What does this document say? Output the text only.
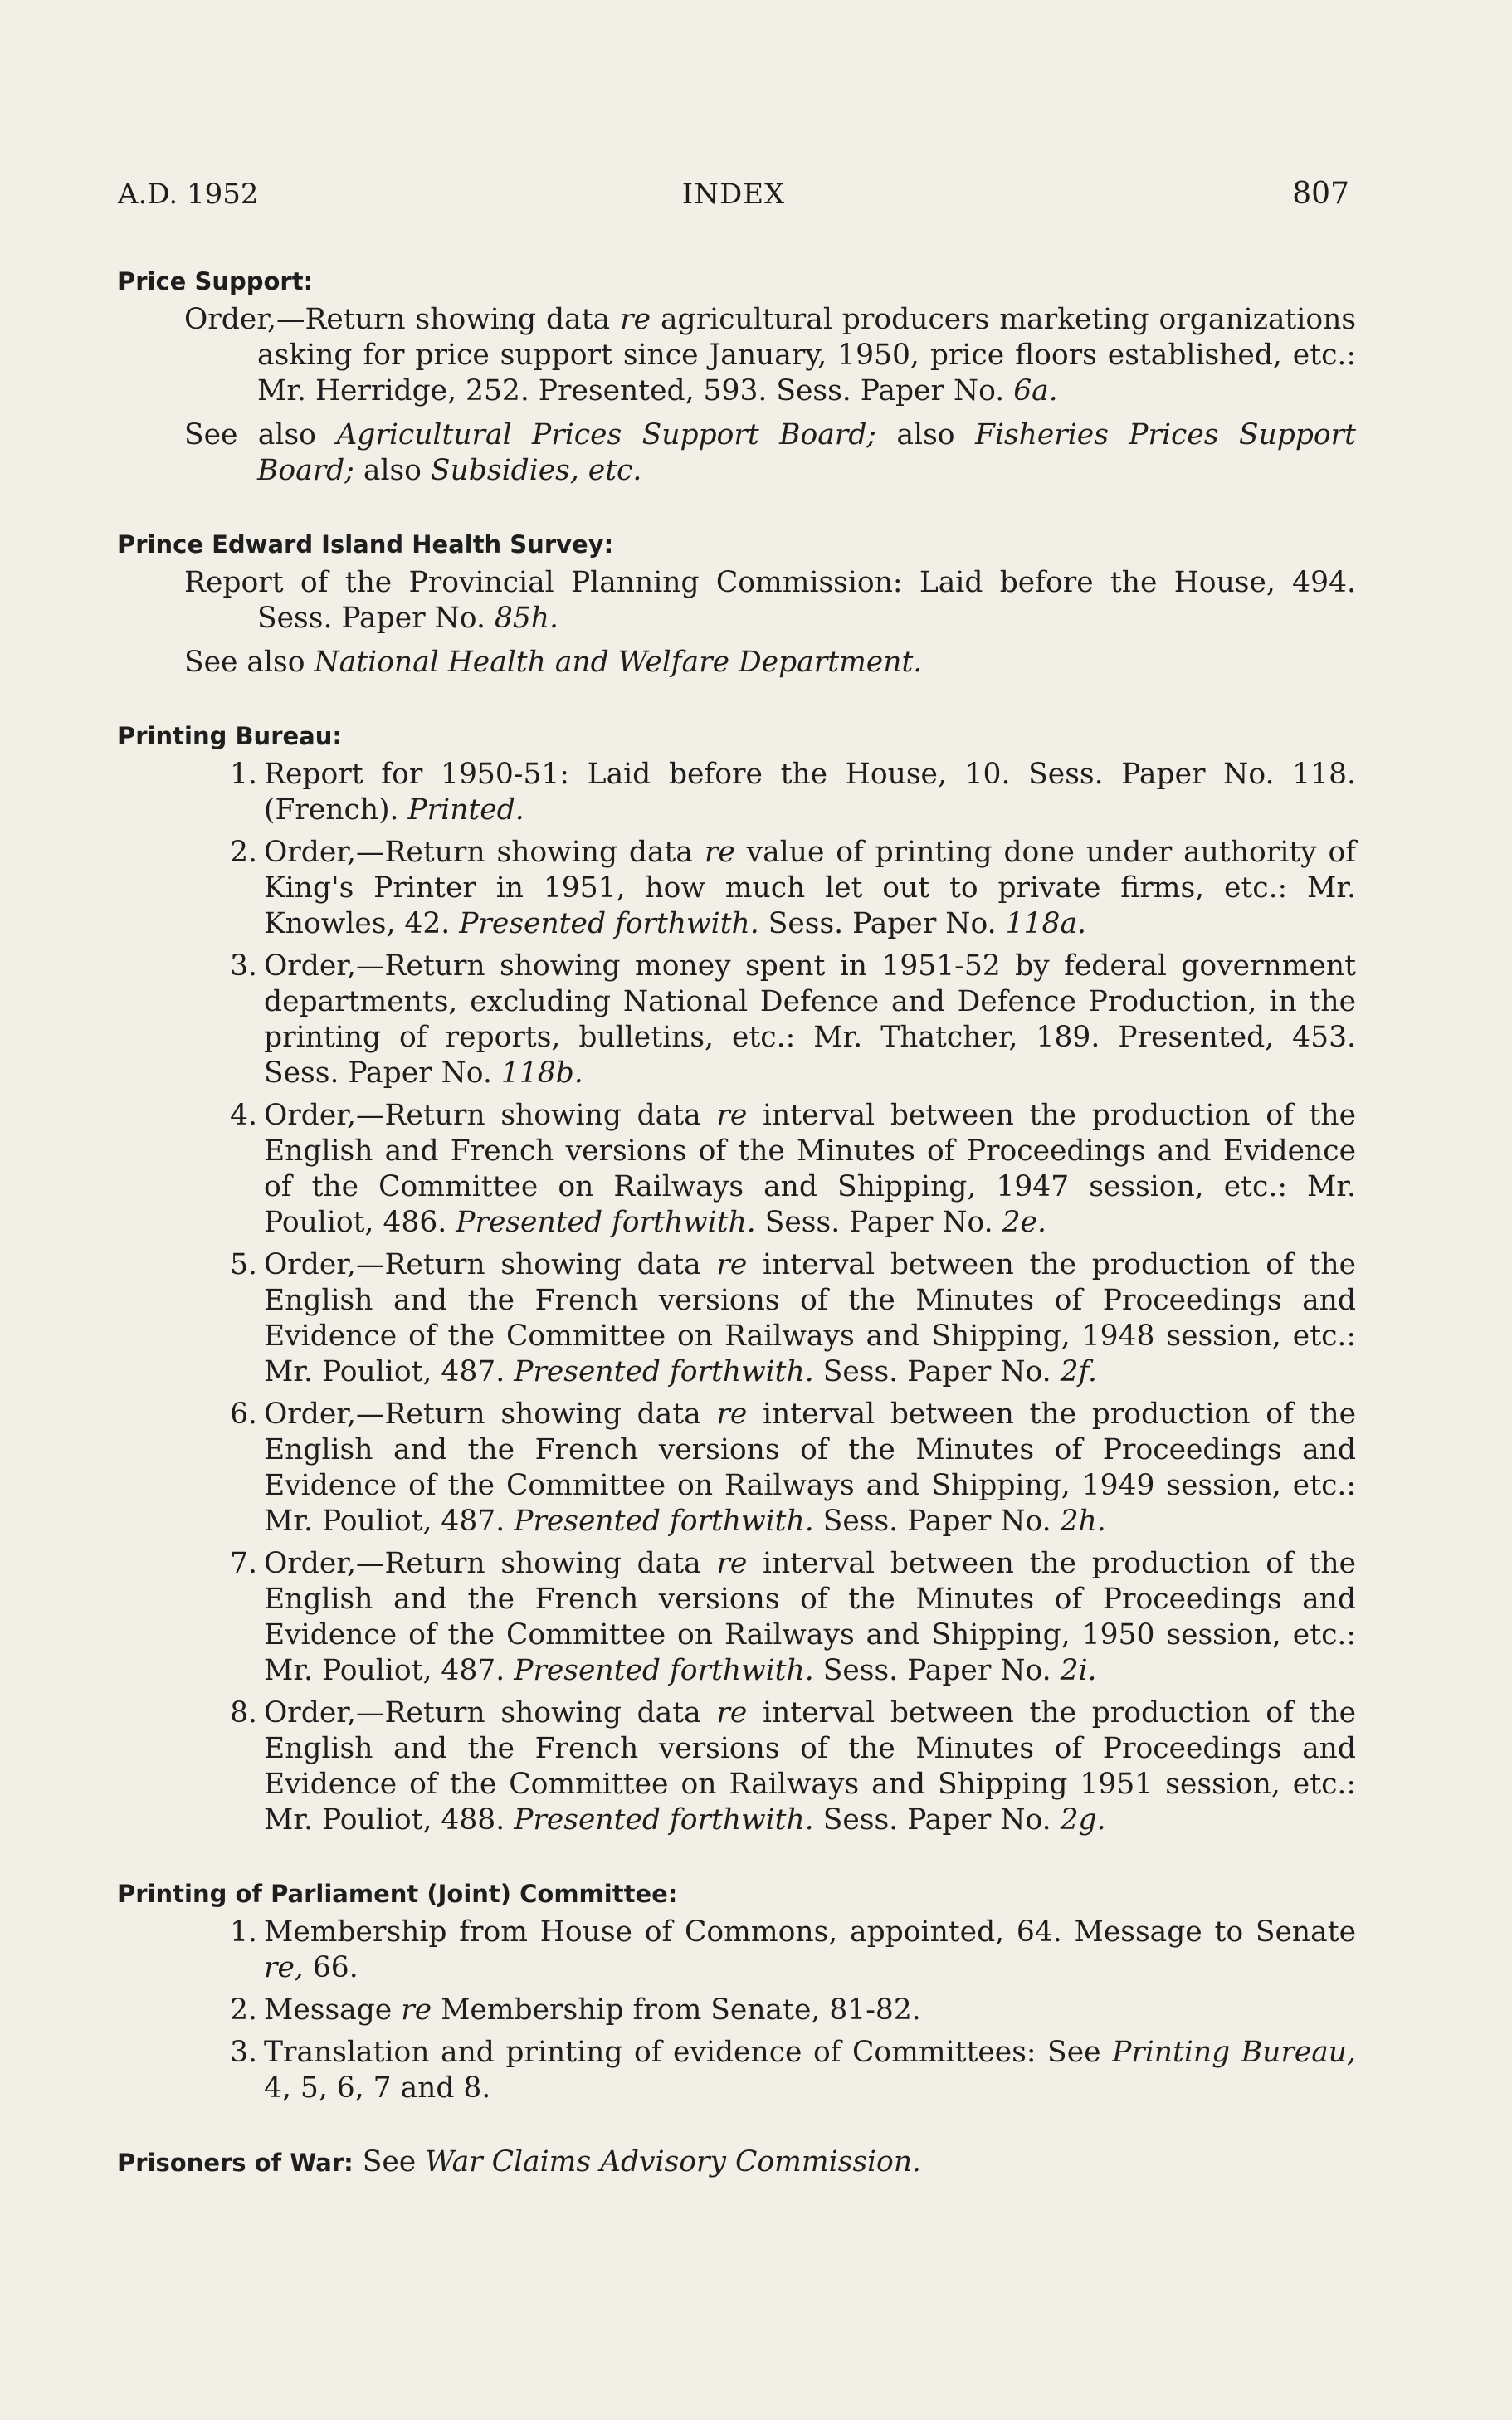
A.D. 1952	INDEX	807
Price Support:

Order,—Return showing data re agricultural producers marketing organizations asking for price support since January, 1950, price floors established, etc.: Mr. Herridge, 252. Presented, 593. Sess. Paper No. 6a.

See also Agricultural Prices Support Board; also Fisheries Prices Support Board; also Subsidies, etc.

Prince Edward Island Health Survey:

Report of the Provincial Planning Commission: Laid before the House, 494. Sess. Paper No. 85h.

See also National Health and Welfare Department.

Printing Bureau:
1. Report for 1950-51: Laid before the House, 10. Sess. Paper No. 118. (French). Printed.
2. Order,—Return showing data re value of printing done under authority of King's Printer in 1951, how much let out to private firms, etc.: Mr. Knowles, 42. Presented forthwith. Sess. Paper No. 118a.
3. Order,—Return showing money spent in 1951-52 by federal government departments, excluding National Defence and Defence Production, in the printing of reports, bulletins, etc.: Mr. Thatcher, 189. Presented, 453. Sess. Paper No. 118b.
4. Order,—Return showing data re interval between the production of the English and French versions of the Minutes of Proceedings and Evidence of the Committee on Railways and Shipping, 1947 session, etc.: Mr. Pouliot, 486. Presented forthwith. Sess. Paper No. 2e.
5. Order,—Return showing data re interval between the production of the English and the French versions of the Minutes of Proceedings and Evidence of the Committee on Railways and Shipping, 1948 session, etc.: Mr. Pouliot, 487. Presented forthwith. Sess. Paper No. 2f.
6. Order,—Return showing data re interval between the production of the English and the French versions of the Minutes of Proceedings and Evidence of the Committee on Railways and Shipping, 1949 session, etc.: Mr. Pouliot, 487. Presented forthwith. Sess. Paper No. 2h.
7. Order,—Return showing data re interval between the production of the English and the French versions of the Minutes of Proceedings and Evidence of the Committee on Railways and Shipping, 1950 session, etc.: Mr. Pouliot, 487. Presented forthwith. Sess. Paper No. 2i.
8. Order,—Return showing data re interval between the production of the English and the French versions of the Minutes of Proceedings and Evidence of the Committee on Railways and Shipping 1951 session, etc.: Mr. Pouliot, 488. Presented forthwith. Sess. Paper No. 2g.
Printing of Parliament (Joint) Committee:
1. Membership from House of Commons, appointed, 64. Message to Senate re, 66.
2. Message re Membership from Senate, 81-82.
3. Translation and printing of evidence of Committees: See Printing Bureau, 4, 5, 6, 7 and 8.
Prisoners of War: See War Claims Advisory Commission.
